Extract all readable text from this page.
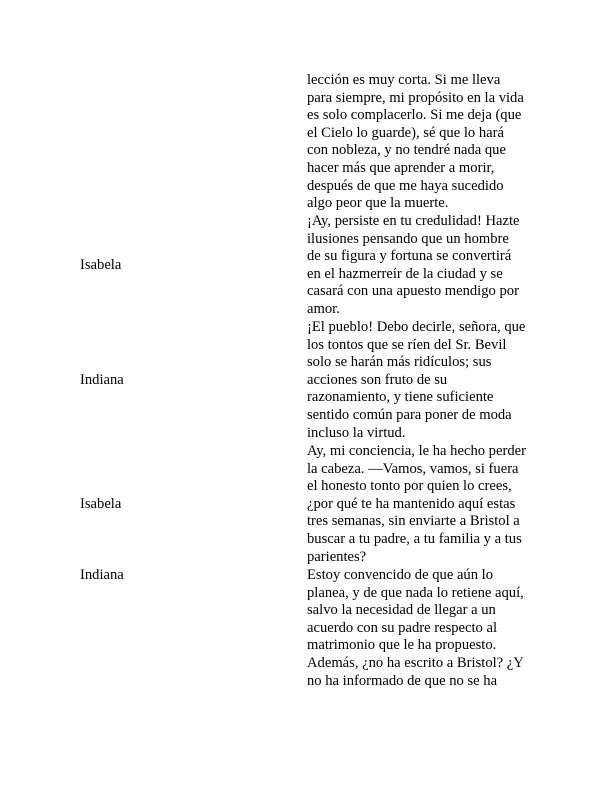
lección es muy corta. Si me lleva
para siempre, mi propósito en la vida
es solo complacerlo. Si me deja (que
el Cielo lo guarde), sé que lo hará
con nobleza, y no tendré nada que
hacer más que aprender a morir,
después de que me haya sucedido
algo peor que la muerte.
Isabela
¡Ay, persiste en tu credulidad! Hazte
ilusiones pensando que un hombre
de su figura y fortuna se convertirá
en el hazmerreír de la ciudad y se
casará con una apuesto mendigo por
amor.
Indiana
¡El pueblo! Debo decirle, señora, que
los tontos que se ríen del Sr. Bevil
solo se harán más ridículos; sus
acciones son fruto de su
razonamiento, y tiene suficiente
sentido común para poner de moda
incluso la virtud.
Isabela
Ay, mi conciencia, le ha hecho perder
la cabeza. —Vamos, vamos, si fuera
el honesto tonto por quien lo crees,
¿por qué te ha mantenido aquí estas
tres semanas, sin enviarte a Bristol a
buscar a tu padre, a tu familia y a tus
parientes?
Indiana	Estoy convencido de que aún lo
planea, y de que nada lo retiene aquí,
salvo la necesidad de llegar a un
acuerdo con su padre respecto al
matrimonio que le ha propuesto.
Además, ¿no ha escrito a Bristol? ¿Y
no ha informado de que no se ha
